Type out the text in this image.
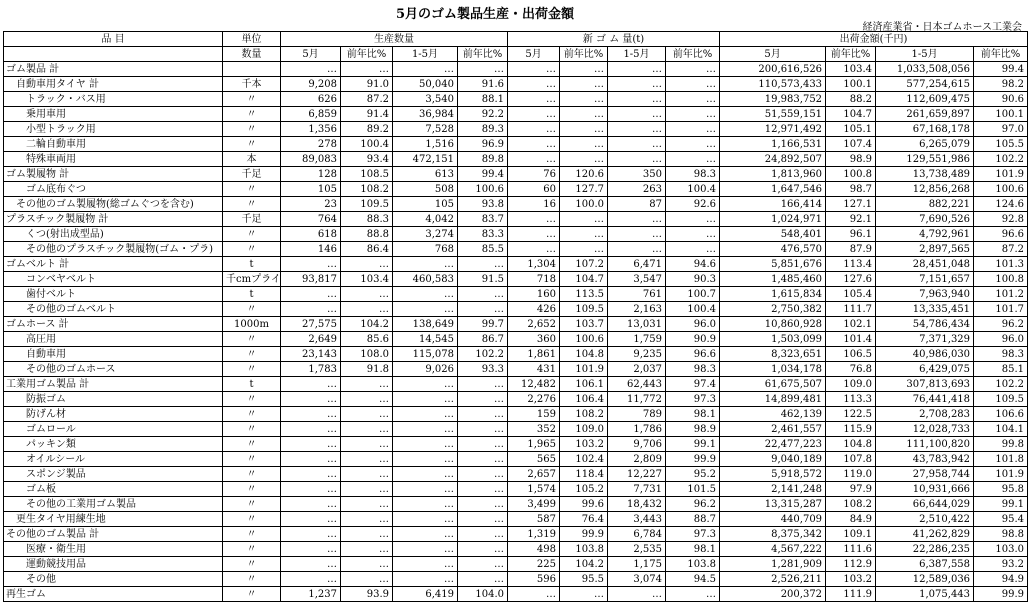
5月のゴム製品生産・出荷金額
経済産業省・日本ゴムホース工業会
品 目	単位	生産数量				新 ゴ ム 量(t)				出荷金額(千円)			
	数量	5月	前年比%	1-5月	前年比%	5月	前年比%	1-5月	前年比%	5月	前年比%	1-5月	前年比%
ゴム製品 計		…	…	…	…	…	…	…	…	200,616,526	103.4	1,033,508,056	99.4
自動車用タイヤ 計	千本	9,208	91.0	50,040	91.6	…	…	…	…	110,573,433	100.1	577,254,615	98.2
トラック・バス用	〃	626	87.2	3,540	88.1	…	…	…	…	19,983,752	88.2	112,609,475	90.6
乗用車用	〃	6,859	91.4	36,984	92.2	…	…	…	…	51,559,151	104.7	261,659,897	100.1
小型トラック用	〃	1,356	89.2	7,528	89.3	…	…	…	…	12,971,492	105.1	67,168,178	97.0
二輪自動車用	〃	278	100.4	1,516	96.9	…	…	…	…	1,166,531	107.4	6,265,079	105.5
特殊車両用	本	89,083	93.4	472,151	89.8	…	…	…	…	24,892,507	98.9	129,551,986	102.2
ゴム製履物 計	千足	128	108.5	613	99.4	76	120.6	350	98.3	1,813,960	100.8	13,738,489	101.9
ゴム底布ぐつ	〃	105	108.2	508	100.6	60	127.7	263	100.4	1,647,546	98.7	12,856,268	100.6
その他のゴム製履物(総ゴムぐつを含む)	〃	23	109.5	105	93.8	16	100.0	87	92.6	166,414	127.1	882,221	124.6
プラスチック製履物 計	千足	764	88.3	4,042	83.7	…	…	…	…	1,024,971	92.1	7,690,526	92.8
くつ(射出成型品)	〃	618	88.8	3,274	83.3	…	…	…	…	548,401	96.1	4,792,961	96.6
その他のプラスチック製履物(ゴム・プラ)	〃	146	86.4	768	85.5	…	…	…	…	476,570	87.9	2,897,565	87.2
ゴムベルト 計	t	…	…	…	…	1,304	107.2	6,471	94.6	5,851,676	113.4	28,451,048	101.3
コンベヤベルト	千cmプライ	93,817	103.4	460,583	91.5	718	104.7	3,547	90.3	1,485,460	127.6	7,151,657	100.8
歯付ベルト	t	…	…	…	…	160	113.5	761	100.7	1,615,834	105.4	7,963,940	101.2
その他のゴムベルト	〃	…	…	…	…	426	109.5	2,163	100.4	2,750,382	111.7	13,335,451	101.7
ゴムホース 計	1000m	27,575	104.2	138,649	99.7	2,652	103.7	13,031	96.0	10,860,928	102.1	54,786,434	96.2
高圧用	〃	2,649	85.6	14,545	86.7	360	100.6	1,759	90.9	1,503,099	101.4	7,371,329	96.0
自動車用	〃	23,143	108.0	115,078	102.2	1,861	104.8	9,235	96.6	8,323,651	106.5	40,986,030	98.3
その他のゴムホース	〃	1,783	91.8	9,026	93.3	431	101.9	2,037	98.3	1,034,178	76.8	6,429,075	85.1
工業用ゴム製品 計	t	…	…	…	…	12,482	106.1	62,443	97.4	61,675,507	109.0	307,813,693	102.2
防振ゴム	〃	…	…	…	…	2,276	106.4	11,772	97.3	14,899,481	113.3	76,441,418	109.5
防げん材	〃	…	…	…	…	159	108.2	789	98.1	462,139	122.5	2,708,283	106.6
ゴムロール	〃	…	…	…	…	352	109.0	1,786	98.9	2,461,557	115.9	12,028,733	104.1
パッキン類	〃	…	…	…	…	1,965	103.2	9,706	99.1	22,477,223	104.8	111,100,820	99.8
オイルシール	〃	…	…	…	…	565	102.4	2,809	99.9	9,040,189	107.8	43,783,942	101.8
スポンジ製品	〃	…	…	…	…	2,657	118.4	12,227	95.2	5,918,572	119.0	27,958,744	101.9
ゴム板	〃	…	…	…	…	1,574	105.2	7,731	101.5	2,141,248	97.9	10,931,666	95.8
その他の工業用ゴム製品	〃	…	…	…	…	3,499	99.6	18,432	96.2	13,315,287	108.2	66,644,029	99.1
更生タイヤ用練生地	〃	…	…	…	…	587	76.4	3,443	88.7	440,709	84.9	2,510,422	95.4
その他のゴム製品 計	〃	…	…	…	…	1,319	99.9	6,784	97.3	8,375,342	109.1	41,262,829	98.8
医療・衛生用	〃	…	…	…	…	498	103.8	2,535	98.1	4,567,222	111.6	22,286,235	103.0
運動競技用品	〃	…	…	…	…	225	104.2	1,175	103.8	1,281,909	112.9	6,387,558	93.2
その他	〃	…	…	…	…	596	95.5	3,074	94.5	2,526,211	103.2	12,589,036	94.9
再生ゴム	〃	1,237	93.9	6,419	104.0	…	…	…	…	200,372	111.9	1,075,443	99.9
